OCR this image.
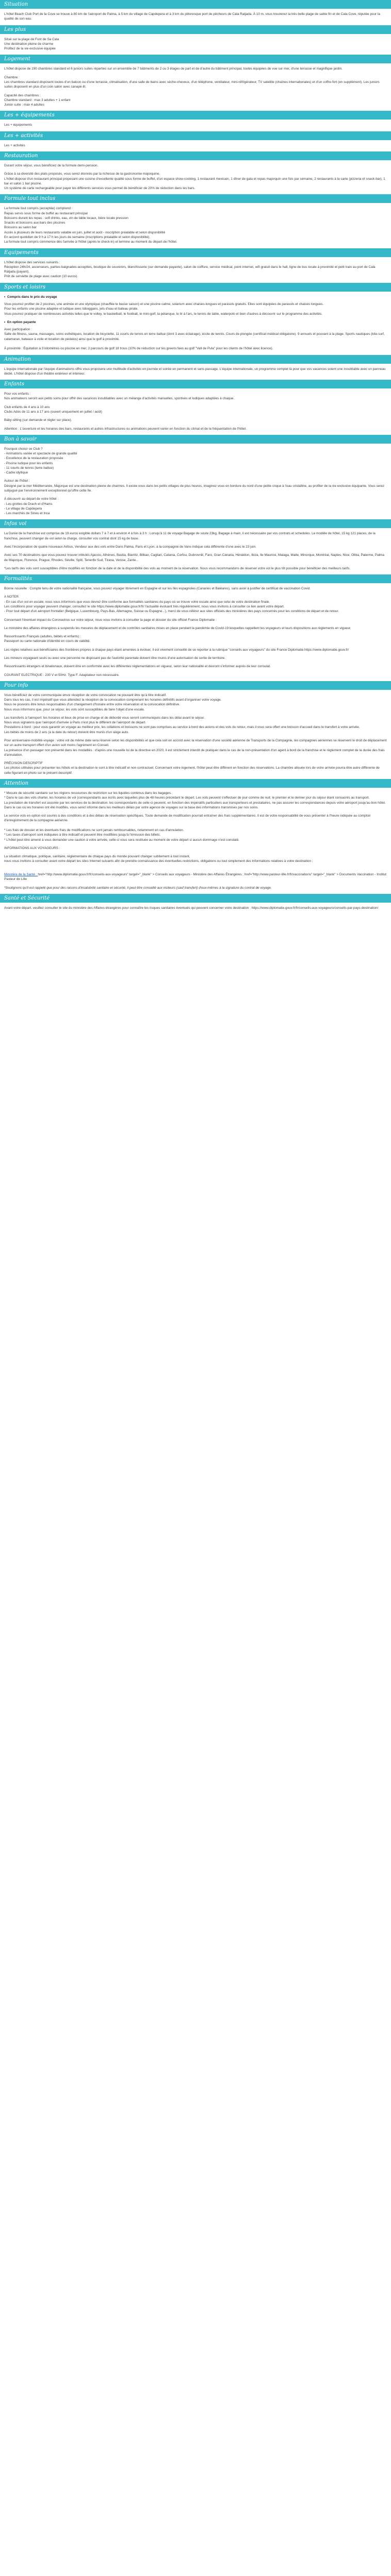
Situation
L'hôtel Beach Club Port de la Cove se trouve à 80 km de l'aéroport de Palma, à 5 km du village de Capdepera et à 3 km du pittoresque port de pêcheurs de Cala Ratjada. À 10 m, vous trouverez la très belle plage de sable fin et de Cala Cove, réputée pour la qualité de son eau.
Les plus
Situé sur la plage de Font de Sa Cala
Une destination pleine de charme
Profitez de la vie exclusive équipée
Logement
L'hôtel dispose de 190 chambres standard et 6 juniors suites réparties sur un ensemble de 7 bâtiments de 2 ou 3 étages de part et de d'autre du bâtiment principal, toutes équipées de vue sur mer, d'une terrasse et magnifique jardin.
Chambre :
Les chambres standard disposent toutes d'un balcon ou d'une terrasse, climatisation, d'une salle de bains avec sèche-cheveux, d'un téléphone, ventilateur, mini-réfrigérateur, TV satellite (chaînes internationales) et d'un coffre-fort (en supplément). Les juniors suites disposent en plus d'un coin salon avec canapé-lit.
Capacité des chambres :
Chambre standard : max 3 adultes + 1 enfant
Junior suite : max 4 adultes
Les + équipements
Les + équipements
Les + activités
Les + activités
Restauration
Durant votre séjour, vous bénéficiez de la formule demi-pension.
Grâce à sa diversité des plats proposés, vous serez étonnés par la richesse de la gastronomie majorquine.
L'hôtel dispose d'un restaurant principal proposant une cuisine d'excellente qualité sous forme de buffet, d'un espace show-cooking, 1 restaurant mexicain, 1 dîner de gala et repas majorquin une fois par semaine, 2 restaurants à la carte (pizzeria et snack-bar), 1 bar et salon 1 bar piscine.
Un système de carte rechargeable pour payer les différents services vous permet de bénéficier de 20% de réduction dans les bars.
Formule tout inclus
La formule tout compris (acceptée) comprend :
Repas servis sous forme de buffet au restaurant principal
Boissons durant les repas : soft drinks, eau, vin de table locaux, bière locale pression
Snacks et boissons aux bars des piscines
Boissons au salon bar
Accès à plusieurs de leurs restaurants valable en juin, juillet et août - inscription préalable et selon disponibilité
En accord quotidien de 9 h à 17 h les jours de semaine (inscriptions préalable et selon disponibilité).
La formule tout compris commence dès l'arrivée à l'hôtel (après le check-in) et termine au moment du départ de l'hôtel.
Equipements
L'hôtel dispose des services suivants :
Réception 24h/24, ascenseurs, parties baignades-accepttes, boutique de souvenirs, blanchisserie (sur demande payante), salon de coiffure, service médical, point internet, wifi gratuit dans le hall, ligne de bus locale à proximité et petit train au port de Cala Ratjada (payant).
Prêt de serviette de plage avec caution (10 euros).
Sports et loisirs
• Compris dans le prix du voyage
Vous pourrez profiter de 2 piscines, une animée et une olympique (chauffée le basse saison) et une piscine calme, solarium avec chaises-longues et parasols gratuits. Elles sont équipées de parasols et chaises longues.
Pour les enfants une piscine adaptée et ludique avec toboggans, jets d'eau et bateau pirate.
Vous pourrez pratiquer de nombreuses activités telles que le volley, le basketball, le football, le mini-golf, la pétanque, le tir à l'arc, le tennis de table, waterpolo et bien d'autres à découvrir sur le programme des activités.
• En option payante
Avec participation :
Salle de fitness, sauna, massages, soins esthétiques, location de bicyclette, 11 courts de tennis en terre battue (dont 3 avec éclairage), école de tennis. Cours de plongée (certificat médical obligatoire). 9 annuels et pouvant à la plage. Sports nautiques (kite-surf, catamaran, bateaux à voile et location de pédalos) ainsi que le golf à proximité.

À proximité : Équitation à 3 kilomètres ou piscine en mer, 2 parcours de golf 18 trous (10% de réduction sur les greens fees au golf "Vall de Pula" pour les clients de l'hôtel avec licence).
Animation
L'équipe internationale par l'équipe d'animations offre vous proposera une multitude d'activités en journée et soirée en permanent et sans passage. L'équipe internationale, un programme complet là pour que vos vacances soient une inoubliable avec un panneau dédié. L'hôtel dispose d'un théâtre extérieur et intérieur.
Enfants
Pour vos enfants :
Nos animateurs seront aux petits soins pour offrir des vacances inoubliables avec un mélange d'activités manuelles, sportives et ludiques adaptées à chaque.
Club enfants de 4 ans à 10 ans
Clubs Ados de 11 ans à 17 ans (ouvert uniquement en juillet / août)
Baby-sitting (sur demande et régler sur place).
Attention : L'ouverture et les horaires des bars, restaurants et autres infrastructures ou animations peuvent varier en fonction du climat et de la fréquentation de l'hôtel.
Bon à savoir
Pourquoi choisir ce Club ?
- Animations variée et spectacle de grande qualité
- Excellence de la restauration proposée
- Piscine ludique pour les enfants
- 11 courts de tennis (terre battue)
- Cadre idyllique
Autour de l'hôtel :
Désigné par la mer Méditerranée, Majorque est une destination pleine de charmes. Il existe vous dans les petits villages de plus heures, imaginez vous en bordure du nord d'une petite crique à l'eau cristalline, au profiter de la vie exclusive équipante. Vous serez subjugué par l'environnement exceptionnel qu'offre cette île.
À découvrir au départ de votre hôtel :
- Les grottes de Drach et d'Hams
- Le village de Capdepera
- Les marchés de Sineu et Inca
Infos vol
La Durée de la franchise est comprise de 19 euros exigible dollars 7 à 7 et à environ 4 à fois à 3 h : Lorsqu'à 11 de voyage Bagage de soute 23kg, Bagage à main, il est nécessaire par vos contrats et schedules. Le modèle de hôtel, 15 kg 121 places, de la franchise, peuvent changer de vol selon la charge, consulter vos contrat dont 15 kg de base.
Avec l'incorporation de quatre nouveaux Airbus, Vendeur aux des vols entre Dans Palma, Paris et Lyon, à la compagnie de Vans indique cela différente d'une avec le 23 juin.
Avec ses 70 destinations que vous pouvez trouver intitulés Ajaccio, Athènes, Bastia, Biarritz, Bilbao, Cagliari, Catania, Corfou, Dubrovnik, Faro, Gran Canaria, Héraklion, Ibiza, Ile Maurice, Malaga, Malte, Minorque, Montréal, Naples, Nice, Olbia, Palerme, Palma de Majorque, Florence, Prague, Rhodes, Séville, Split, Tenerife Sud, Tirana, Venise, Zante...
*Les tarifs des vols sont susceptibles d'être modifiés en fonction de la date et de la disponibilité des vols au moment de la réservation. Nous vous recommandons de réserver votre vol le plus tôt possible pour bénéficier des meilleurs tarifs.
Formalités
Bonne nouvelle : Compte tenu de votre nationalité française, vous pouvez voyager librement en Espagne et sur les îles espagnoles (Canaries et Baléares), sans avoir à justifier de certificat de vaccination Covid.
A NOTER
- En cas d'un vol en escale, nous vous informons que vous devrez être conforme aux formalités sanitaires du pays où se trouve votre escale ainsi que celui de votre destination finale.
Les conditions pour voyager peuvent changer, consultez le site https://www.diplomatie.gouv.fr/fr/ l'actualité évoluant très régulièrement, nous vous invitons à consulter ce lien avant votre départ.
- Pour tout départ d'un aéroport frontalier (Belgique, Luxembourg, Pays-Bas, Allemagne, Suisse ou Espagne...), merci de vous référer aux sites officiels des ministères des pays concernés pour les conditions de départ et de retour.
Concernant l'éventuel impact du Coronavirus sur votre séjour, nous vous invitons à consulter la page et dossier du site officiel France Diplomatie :
Le ministère des affaires étrangères a suspendu les mesures de déplacement et de contrôles sanitaires mises en place pendant la pandémie de Covid-19 lesquelles rappellent les voyageurs et leurs dispositions aux règlements en vigueur.
Ressortissants Français (adultes, bébés et enfants) :
Passeport ou carte nationale d'identité en cours de validité.
Les règles relatives aux bénéficiaires des frontières propres à chaque pays étant amenées à évoluer, il est vivement conseillé de se reporter à la rubrique "conseils aux voyageurs" du site France Diplomatie.https://www.diplomatie.gouv.fr/
Les mineurs voyageant seuls ou avec une personne ne disposant pas de l'autorité parentale doivent être munis d'une autorisation de sortie de territoire.
Ressortissants étrangers et binationaux, doivent être en conformité avec les différentes réglementations en vigueur, selon leur nationalité et devront s'informer auprès de leur consulat.
COURANT ELECTRIQUE : 230 V et 50Hz. Type F. Adaptateur non nécessaire.
Pour info
Vous bénéficiez de votre communiquée envoi réception de votre convocation ne pouvant être qu'à titre indicatif.
Dans tous les cas, il est impératif que vous attendiez la réception de la convocation comprenant les horaires définitifs avant d'organiser votre voyage.
Nous ne pouvons être tenus responsables d'un changement d'horaire entre votre réservation et la convocation définitive.
Nous vous informons que, pour ce séjour, les vols sont susceptibles de faire l'objet d'une escale.
Les transferts à l'aéroport: les horaires et lieux de prise en charge et de débordé vous seront communiqués dans les délai avant le séjour.
Nous vous signalons que l'aéroport d'arrivée à Paris n'est plus le différent de l'aéroport de départ.
Prestations à bord : pour vous garantir un voyage au meilleur prix, les collations et boissons ne sont pas comprises au service à bord des avions et des vols du retour, mais il vous sera offert une boisson d'accueil dans le transfert à votre arrivée.
Les bébés de moins de 2 ans (à la date du retour) doivent être munis d'un siège auto.
Pour anniversaire-mobilité-voyage : votre vol de même date sera réservé selon les disponibilités et que cela soit en accord avec la réservation d'une société aérienne de Transports de la Compagnie, les compagnies aériennes se réservent le droit de déplacement sur un autre transport offert d'un avion soit moins l'agrément en Conseil.
La présence d'un passager non présenté dans les modalités : d'après une nouvelle loi de la directive en 2020, il est strictement interdit de pratiquer dans le cas de la non-présentation d'un agent à bord de la franchise et le règlement complet de la durée des frais d'annulation.
PRÉCISION DESCRIPTIF
Les photos utilisées pour présenter les hôtels et la destination le sont à titre indicatif et non contractuel. Concernant votre logement, l'hôtel peut être différent en fonction des réservations. La chambre allouée lors de votre arrivée pourra être autre différente de celle figurant en photo sur le présent descriptif.
Attention
* Mesure de sécurité sanitaire sur les régions ressources de restriction sur les liquides contenus dans les bagages.
* Dans le cas des vols charter, les horaires de vol (correspondants aux écrits avec laquelles plus de 48 heures précédant le départ. Les vols peuvent s'effectuer de jour comme de nuit; le premier et le dernier jour du séjour étant consacrés au transport.
La prestation de transfert est assurée par les services de la destination: les correspondants de celle-ci peuvent, en fonction des impératifs particuliers aux transporteurs et prestataires, ne pas assurer les correspondances depuis votre aéroport jusqu'au bon hôtel. Dans le cas où les horaires ont été modifiés, vous serez informé dans les meilleurs délais par votre agence de voyages sur la base des informations transmises par nos soins.
Le service vols en option est soumis à des conditions et à des délais de réservation spécifiques. Toute demande de modification pourrait entraîner des frais supplémentaires. Il est de votre responsabilité de vous présenter à l'heure indiquée au comptoir d'enregistrement de la compagnie aérienne.

* Les frais de dossier et les éventuels frais de modifications ne sont jamais remboursables, notamment en cas d'annulation.
* Les taxes d'aéroport sont indiquées à titre indicatif et peuvent être modifiées jusqu'à l'émission des billets.
* L'hôtel peut être amené à vous demander une caution à votre arrivée, celle-ci vous sera restituée au moment de votre départ si aucun dommage n'est constaté.
INFORMATIONS AUX VOYAGEURS :
La situation climatique, politique, sanitaire, réglementaire de chaque pays du monde pouvant changer subitement à tout instant,
nous vous invitons à consulter avant votre départ les sites Internet suivants afin de prendre connaissance des éventuelles restrictions, obligations ou tout simplement des informations relatives à votre destination :

Ministère de la Santé : href="http://www.diplomatie.gouv.fr/fr/conseils-aux-voyageurs" target="_blank" > Conseils aux voyageurs - Ministère des Affaires Étrangères ; href="http://www.pasteur-lille.fr/fr/vaccinations" target="_blank" > Documents Vaccination - Institut Pasteur de Lille

*Soulignons qu'il est rappelé que pour des raisons d'insalubrité sanitaire et sécurité, il peut être conseillé aux visiteurs (sauf transfert) d'eux-mêmes à la signature du contrat de voyage.
Santé et Sécurité
Avant votre départ, veuillez consulter le site du ministère des Affaires étrangères pour connaître les risques sanitaires éventuels qui peuvent concerner votre destination : https://www.diplomatie.gouv.fr/fr/conseils-aux-voyageurs/conseils-par-pays-destination/
